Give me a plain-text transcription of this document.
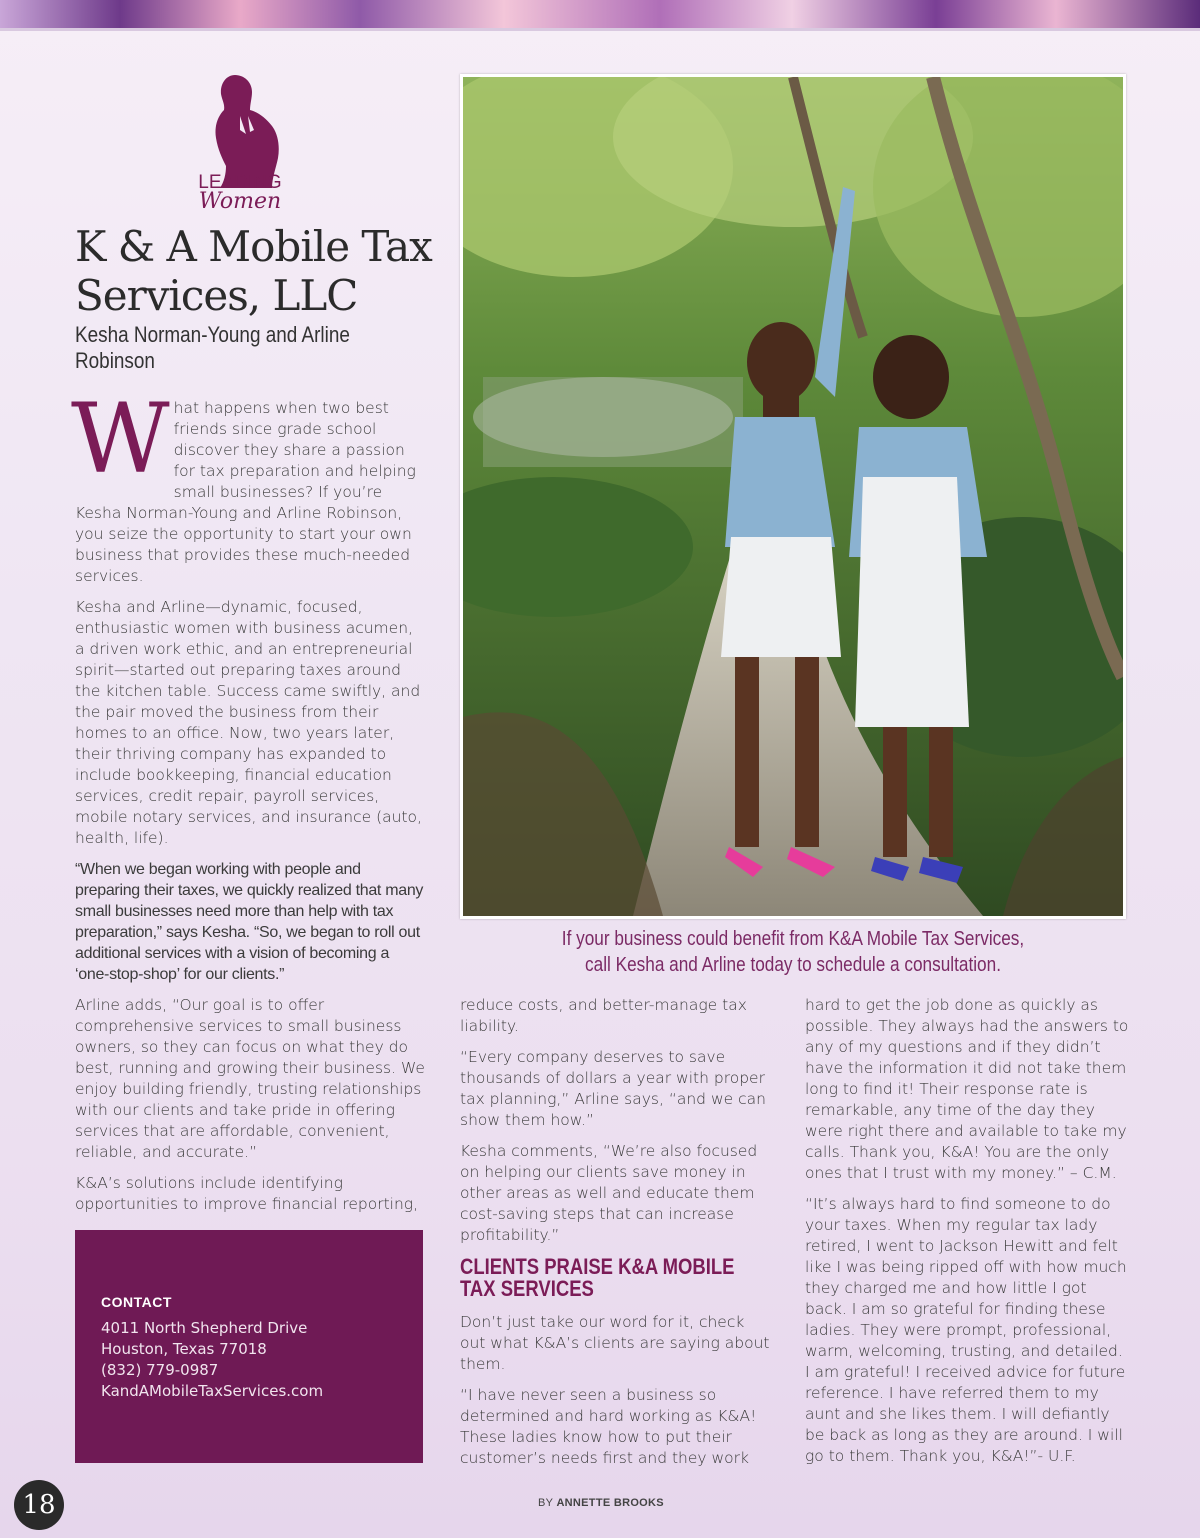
LEADING
Women
K & A Mobile Tax
Services, LLC
Kesha Norman-Young and Arline Robinson

What happens when two best friends since grade school discover they share a passion for tax preparation and helping small businesses? If you’re Kesha Norman-Young and Arline Robinson, you seize the opportunity to start your own business that provides these much-needed services.

Kesha and Arline—dynamic, focused, enthusiastic women with business acumen, a driven work ethic, and an entrepreneurial spirit—started out preparing taxes around the kitchen table. Success came swiftly, and the pair moved the business from their homes to an office. Now, two years later, their thriving company has expanded to include bookkeeping, financial education services, credit repair, payroll services, mobile notary services, and insurance (auto, health, life).

“When we began working with people and preparing their taxes, we quickly realized that many small businesses need more than help with tax preparation,” says Kesha. “So, we began to roll out additional services with a vision of becoming a ‘one-stop-shop’ for our clients.”

Arline adds, “Our goal is to offer comprehensive services to small business owners, so they can focus on what they do best, running and growing their business. We enjoy building friendly, trusting relationships with our clients and take pride in offering services that are affordable, convenient, reliable, and accurate.”

K&A’s solutions include identifying opportunities to improve financial reporting,

If your business could benefit from K&A Mobile Tax Services,
call Kesha and Arline today to schedule a consultation.

reduce costs, and better-manage tax liability.

“Every company deserves to save thousands of dollars a year with proper tax planning,” Arline says, “and we can show them how.”

Kesha comments, “We’re also focused on helping our clients save money in other areas as well and educate them cost-saving steps that can increase profitability.”

CLIENTS PRAISE K&A MOBILE TAX SERVICES

Don’t just take our word for it, check out what K&A’s clients are saying about them.

“I have never seen a business so determined and hard working as K&A! These ladies know how to put their customer’s needs first and they work

hard to get the job done as quickly as possible. They always had the answers to any of my questions and if they didn’t have the information it did not take them long to find it! Their response rate is remarkable, any time of the day they were right there and available to take my calls. Thank you, K&A! You are the only ones that I trust with my money.” – C.M.

“It’s always hard to find someone to do your taxes. When my regular tax lady retired, I went to Jackson Hewitt and felt like I was being ripped off with how much they charged me and how little I got back. I am so grateful for finding these ladies. They were prompt, professional, warm, welcoming, trusting, and detailed. I am grateful! I received advice for future reference. I have referred them to my aunt and she likes them. I will defiantly be back as long as they are around. I will go to them. Thank you, K&A!”- U.F.

CONTACT
4011 North Shepherd Drive
Houston, Texas 77018
(832) 779-0987
KandAMobileTaxServices.com
18	BY ANNETTE BROOKS
